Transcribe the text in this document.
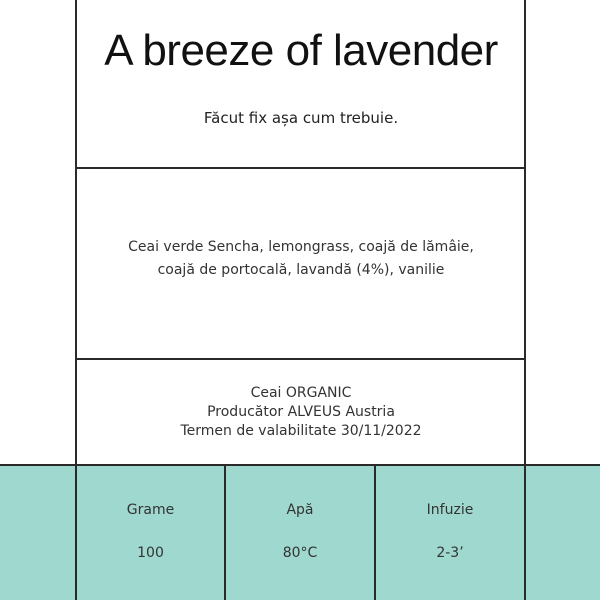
A breeze of lavender
Făcut fix așa cum trebuie.
Ceai verde Sencha, lemongrass, coajă de lămâie,
coajă de portocală, lavandă (4%), vanilie
Ceai ORGANIC
Producător ALVEUS Austria
Termen de valabilitate 30/11/2022
Grame
100
Apă
80°C
Infuzie
2-3’
